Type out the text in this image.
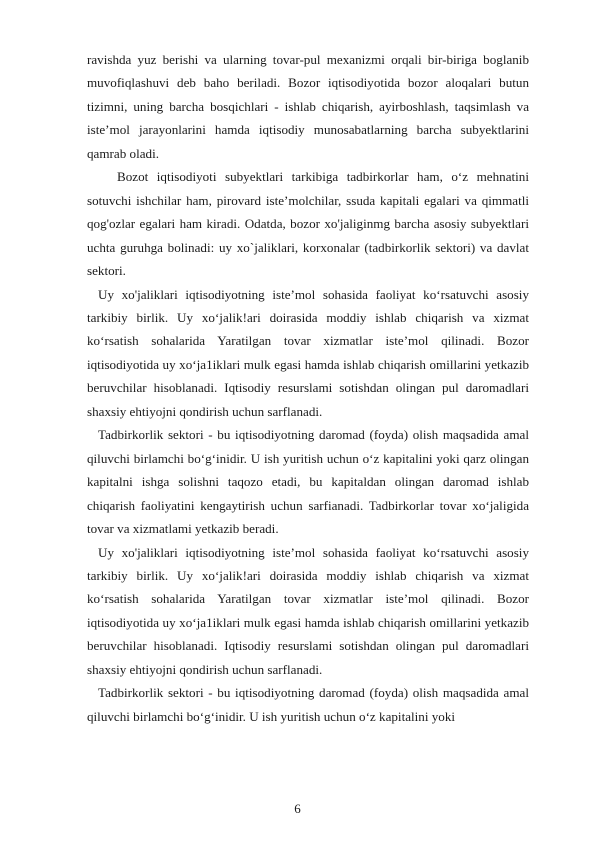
ravishda yuz berishi va ularning tovar-pul mexanizmi orqali bir-biriga boglanib muvofiqlashuvi deb baho beriladi. Bozor iqtisodiyotida bozor aloqalari butun tizimni, uning barcha bosqichlari - ishlab chiqarish, ayirboshlash, taqsimlash va iste’mol jarayonlarini hamda iqtisodiy munosabatlarning barcha subyektlarini qamrab oladi.

Bozot iqtisodiyoti subyektlari tarkibiga tadbirkorlar ham, o‘z mehnatini sotuvchi ishchilar ham, pirovard iste’molchilar, ssuda kapitali egalari va qimmatli qog'ozlar egalari ham kiradi. Odatda, bozor xo'jaliginmg barcha asosiy subyektlari uchta guruhga bolinadi: uy xo`jaliklari, korxonalar (tadbirkorlik sektori) va davlat sektori.

Uy xo'jaliklari iqtisodiyotning iste’mol sohasida faoliyat ko‘rsatuvchi asosiy tarkibiy birlik. Uy xo‘jalik!ari doirasida moddiy ishlab chiqarish va xizmat ko‘rsatish sohalarida Yaratilgan tovar xizmatlar iste’mol qilinadi. Bozor iqtisodiyotida uy xo‘ja1iklari mulk egasi hamda ishlab chiqarish omillarini yetkazib beruvchilar hisoblanadi. Iqtisodiy resurslami sotishdan olingan pul daromadlari shaxsiy ehtiyojni qondirish uchun sarflanadi.

Tadbirkorlik sektori - bu iqtisodiyotning daromad (foyda) olish maqsadida amal qiluvchi birlamchi bo‘g‘inidir. U ish yuritish uchun o‘z kapitalini yoki qarz olingan kapitalni ishga solishni taqozo etadi, bu kapitaldan olingan daromad ishlab chiqarish faoliyatini kengaytirish uchun sarfianadi. Tadbirkorlar tovar xo‘jaligida tovar va xizmatlami yetkazib beradi.

Uy xo'jaliklari iqtisodiyotning iste’mol sohasida faoliyat ko‘rsatuvchi asosiy tarkibiy birlik. Uy xo‘jalik!ari doirasida moddiy ishlab chiqarish va xizmat ko‘rsatish sohalarida Yaratilgan tovar xizmatlar iste’mol qilinadi. Bozor iqtisodiyotida uy xo‘ja1iklari mulk egasi hamda ishlab chiqarish omillarini yetkazib beruvchilar hisoblanadi. Iqtisodiy resurslami sotishdan olingan pul daromadlari shaxsiy ehtiyojni qondirish uchun sarflanadi.

Tadbirkorlik sektori - bu iqtisodiyotning daromad (foyda) olish maqsadida amal qiluvchi birlamchi bo‘g‘inidir. U ish yuritish uchun o‘z kapitalini yoki

6
